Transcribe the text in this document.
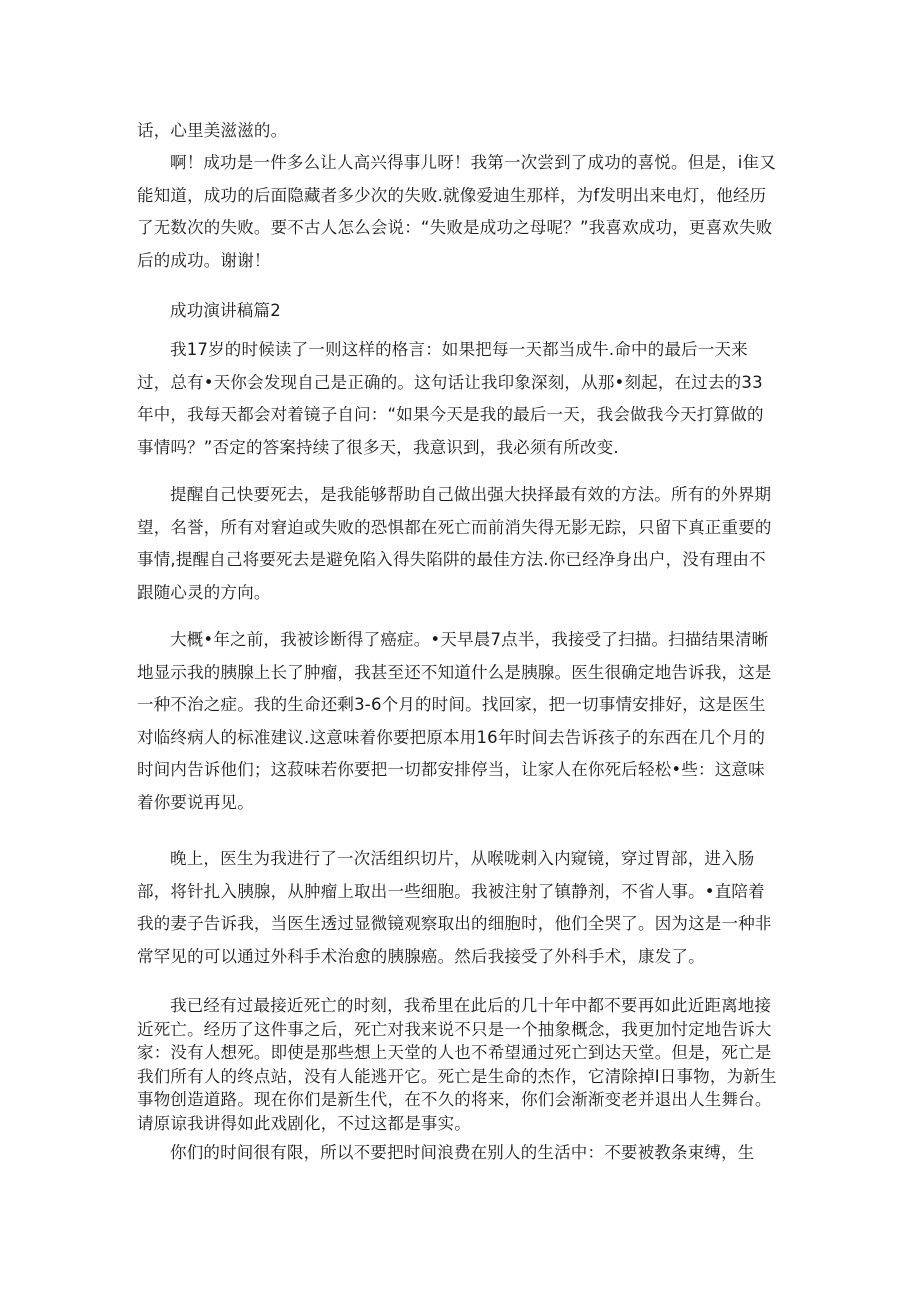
话，心里美滋滋的。

啊！成功是一件多么让人高兴得事儿呀！我第一次尝到了成功的喜悦。但是，i隹又能知道，成功的后面隐藏者多少次的失败.就像爱迪生那样，为f发明出来电灯，他经历了无数次的失败。要不古人怎么会说：“失败是成功之母呢？”我喜欢成功，更喜欢失败后的成功。谢谢！

成功演讲稿篇2

我17岁的时候读了一则这样的格言：如果把每一天都当成牛.命中的最后一天来过，总有•天你会发现自己是正确的。这句话让我印象深刻，从那•刻起，在过去的33年中，我每天都会对着镜子自问：“如果今天是我的最后一天，我会做我今天打算做的事情吗？”否定的答案持续了很多天，我意识到，我必须有所改变.

提醒自己快要死去，是我能够帮助自己做出强大抉择最有效的方法。所有的外界期望，名誉，所有对窘迫或失败的恐惧都在死亡而前消失得无影无踪，只留下真正重要的事情,提醒自己将要死去是避免陷入得失陷阱的最佳方法.你已经净身出户，没有理由不跟随心灵的方向。

大概•年之前，我被诊断得了癌症。•天早晨7点半，我接受了扫描。扫描结果清晰地显示我的胰腺上长了肿瘤，我甚至还不知道什么是胰腺。医生很确定地告诉我，这是一种不治之症。我的生命还剩3-6个月的时间。找回家，把一切事情安排好，这是医生对临终病人的标准建议.这意味着你要把原本用16年时间去告诉孩子的东西在几个月的时间内告诉他们；这菽味若你要把一切都安排停当，让家人在你死后轻松•些：这意味着你要说再见。

晚上，医生为我进行了一次活组织切片，从喉咙刺入内窥镜，穿过胃部，进入肠部，将针扎入胰腺，从肿瘤上取出一些细胞。我被注射了镇静剂，不省人事。•直陪着我的妻子告诉我，当医生透过显微镜观察取出的细胞时，他们全哭了。因为这是一种非常罕见的可以通过外科手术治愈的胰腺癌。然后我接受了外科手术，康发了。

我已经有过最接近死亡的时刻，我希里在此后的几十年中都不要再如此近距离地接近死亡。经历了这件事之后，死亡对我来说不只是一个抽象概念，我更加忖定地告诉大家：没有人想死。即使是那些想上天堂的人也不希望通过死亡到达天堂。但是，死亡是我们所有人的终点站，没有人能逃开它。死亡是生命的杰作，它清除掉I日事物，为新生事物创造道路。现在你们是新生代，在不久的将来，你们会渐渐变老并退出人生舞台。请原谅我讲得如此戏剧化，不过这都是事实。

你们的时间很有限，所以不要把时间浪费在别人的生活中：不要被教条束缚，生
